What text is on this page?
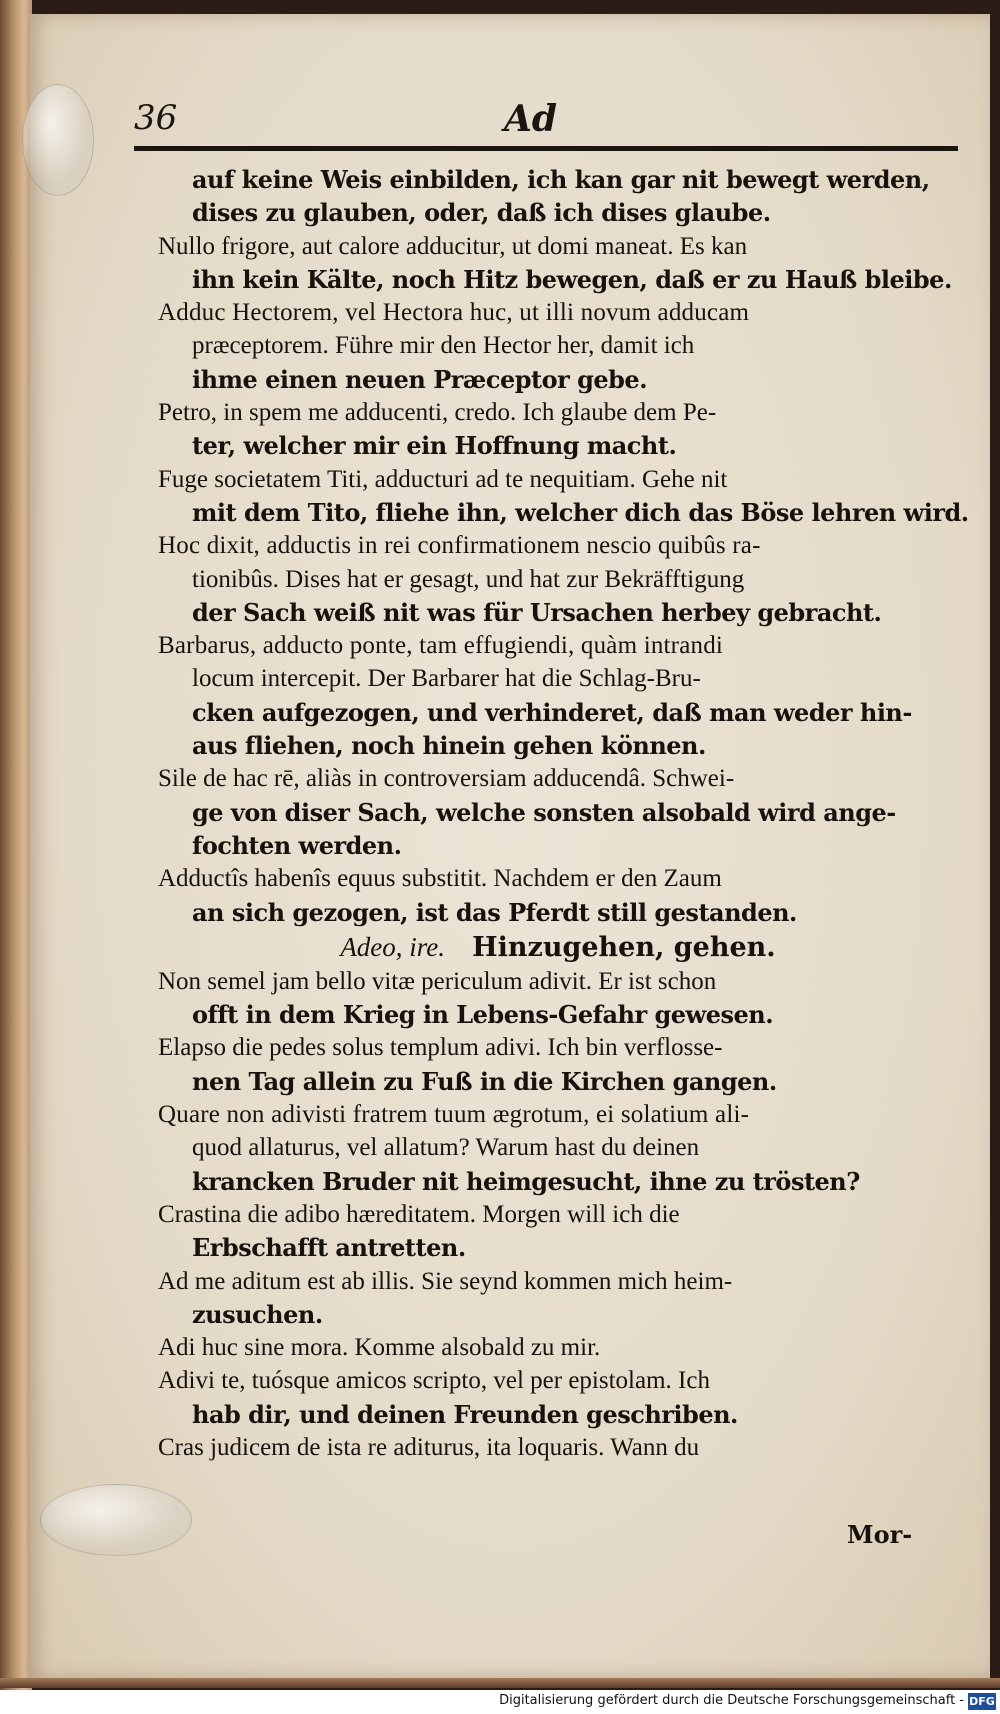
36	Ad
auf keine Weis einbilden, ich kan gar nit bewegt werden,
dises zu glauben, oder, daß ich dises glaube.
Nullo frigore, aut calore adducitur, ut domi maneat. Es kan
ihn kein Kälte, noch Hitz bewegen, daß er zu Hauß bleibe.
Adduc Hectorem, vel Hectora huc, ut illi novum adducam
præceptorem. Führe mir den Hector her, damit ich
ihme einen neuen Præceptor gebe.
Petro, in spem me adducenti, credo. Ich glaube dem Pe-
ter, welcher mir ein Hoffnung macht.
Fuge societatem Titi, adducturi ad te nequitiam. Gehe nit
mit dem Tito, fliehe ihn, welcher dich das Böse lehren wird.
Hoc dixit, adductis in rei confirmationem nescio quibûs ra-
tionibûs. Dises hat er gesagt, und hat zur Bekräfftigung
der Sach weiß nit was für Ursachen herbey gebracht.
Barbarus, adducto ponte, tam effugiendi, quàm intrandi
locum intercepit. Der Barbarer hat die Schlag-Bru-
cken aufgezogen, und verhinderet, daß man weder hin-
aus fliehen, noch hinein gehen können.
Sile de hac rē, aliàs in controversiam adducendâ. Schwei-
ge von diser Sach, welche sonsten alsobald wird ange-
fochten werden.
Adductîs habenîs equus substitit. Nachdem er den Zaum
an sich gezogen, ist das Pferdt still gestanden.
Adeo, ire. Hinzugehen, gehen.
Non semel jam bello vitæ periculum adivit. Er ist schon
offt in dem Krieg in Lebens-Gefahr gewesen.
Elapso die pedes solus templum adivi. Ich bin verflosse-
nen Tag allein zu Fuß in die Kirchen gangen.
Quare non adivisti fratrem tuum ægrotum, ei solatium ali-
quod allaturus, vel allatum? Warum hast du deinen
krancken Bruder nit heimgesucht, ihne zu trösten?
Crastina die adibo hæreditatem. Morgen will ich die
Erbschafft antretten.
Ad me aditum est ab illis. Sie seynd kommen mich heim-
zusuchen.
Adi huc sine mora. Komme alsobald zu mir.
Adivi te, tuósque amicos scripto, vel per epistolam. Ich
hab dir, und deinen Freunden geschriben.
Cras judicem de ista re aditurus, ita loquaris. Wann du
Mor-
Digitalisierung gefördert durch die Deutsche Forschungsgemeinschaft - DFG
